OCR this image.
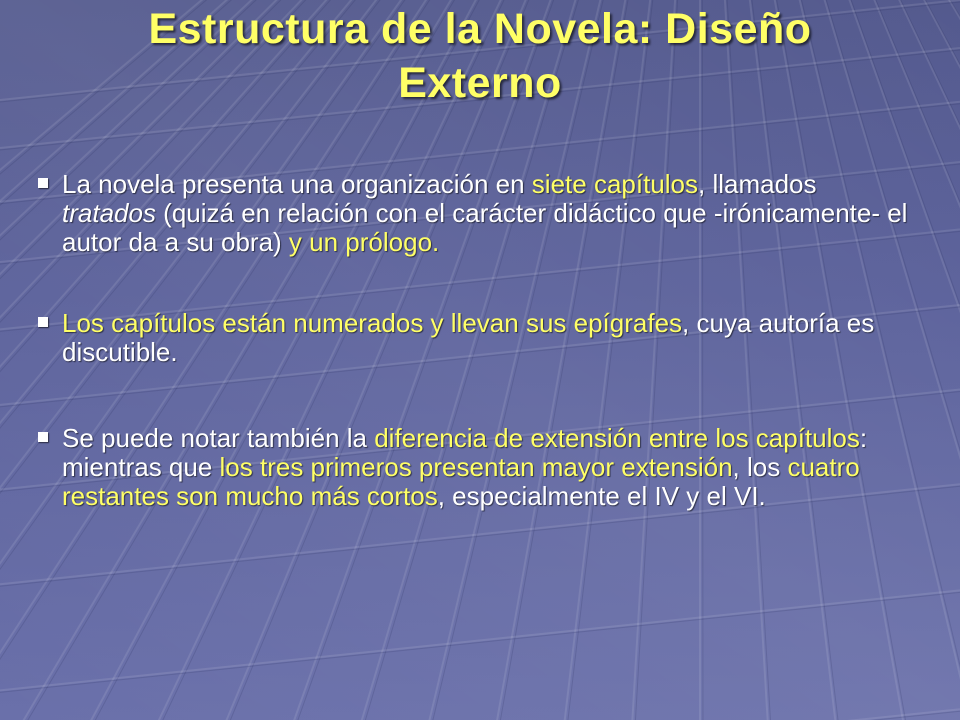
Estructura de la Novela: Diseño
Externo
La novela presenta una organización en siete capítulos, llamados tratados (quizá en relación con el carácter didáctico que -irónicamente- el autor da a su obra) y un prólogo.
Los capítulos están numerados y llevan sus epígrafes, cuya autoría es discutible.
Se puede notar también la diferencia de extensión entre los capítulos: mientras que los tres primeros presentan mayor extensión, los cuatro restantes son mucho más cortos, especialmente el IV y el VI.
